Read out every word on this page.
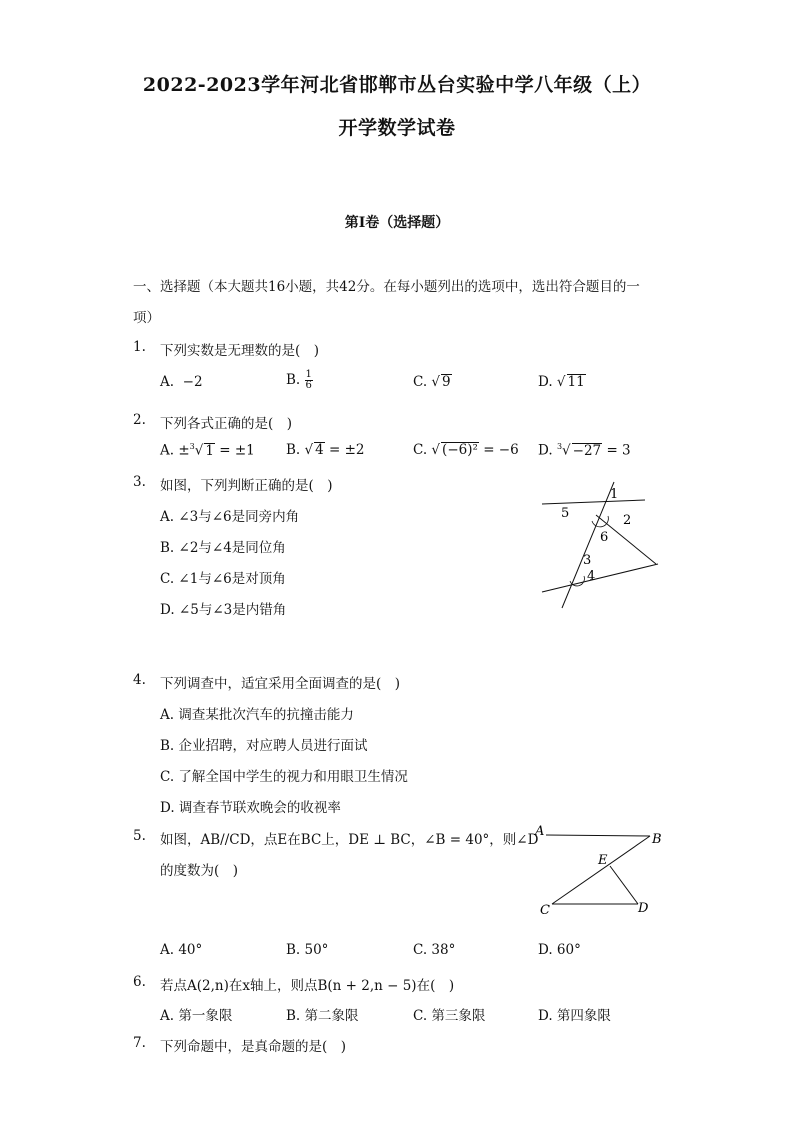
2022-2023学年河北省邯郸市丛台实验中学八年级（上）
开学数学试卷
第I卷（选择题）
一、选择题（本大题共16小题，共42分。在每小题列出的选项中，选出符合题目的一
项）
1. 下列实数是无理数的是(　)
A. −2	B. $\frac{1}{6}$	C. √ 9	D. √ 11
2. 下列各式正确的是(　)
A. ±$^3$√ 1 = ±1 B. √ 4 = ±2	C. √ (−6)² = −6 D. $^3$√ −27 = 3
3. 如图，下列判断正确的是(　)
A. ∠3与∠6是同旁内角
B. ∠2与∠4是同位角
C. ∠1与∠6是对顶角
D. ∠5与∠3是内错角
1
2
5
6
3
4
4. 下列调查中，适宜采用全面调查的是(　)
A. 调查某批次汽车的抗撞击能力
B. 企业招聘，对应聘人员进行面试
C. 了解全国中学生的视力和用眼卫生情况
D. 调查春节联欢晚会的收视率
5. 如图，AB//CD，点E在BC上，DE ⊥ BC，∠B = 40°，则∠D
的度数为(　)
A
B
E
C	D
A. 40°	B. 50°	C. 38°	D. 60°
6. 若点A(2,n)在x轴上，则点B(n + 2,n − 5)在(　)
A. 第一象限	B. 第二象限	C. 第三象限	D. 第四象限
7. 下列命题中，是真命题的是(　)
